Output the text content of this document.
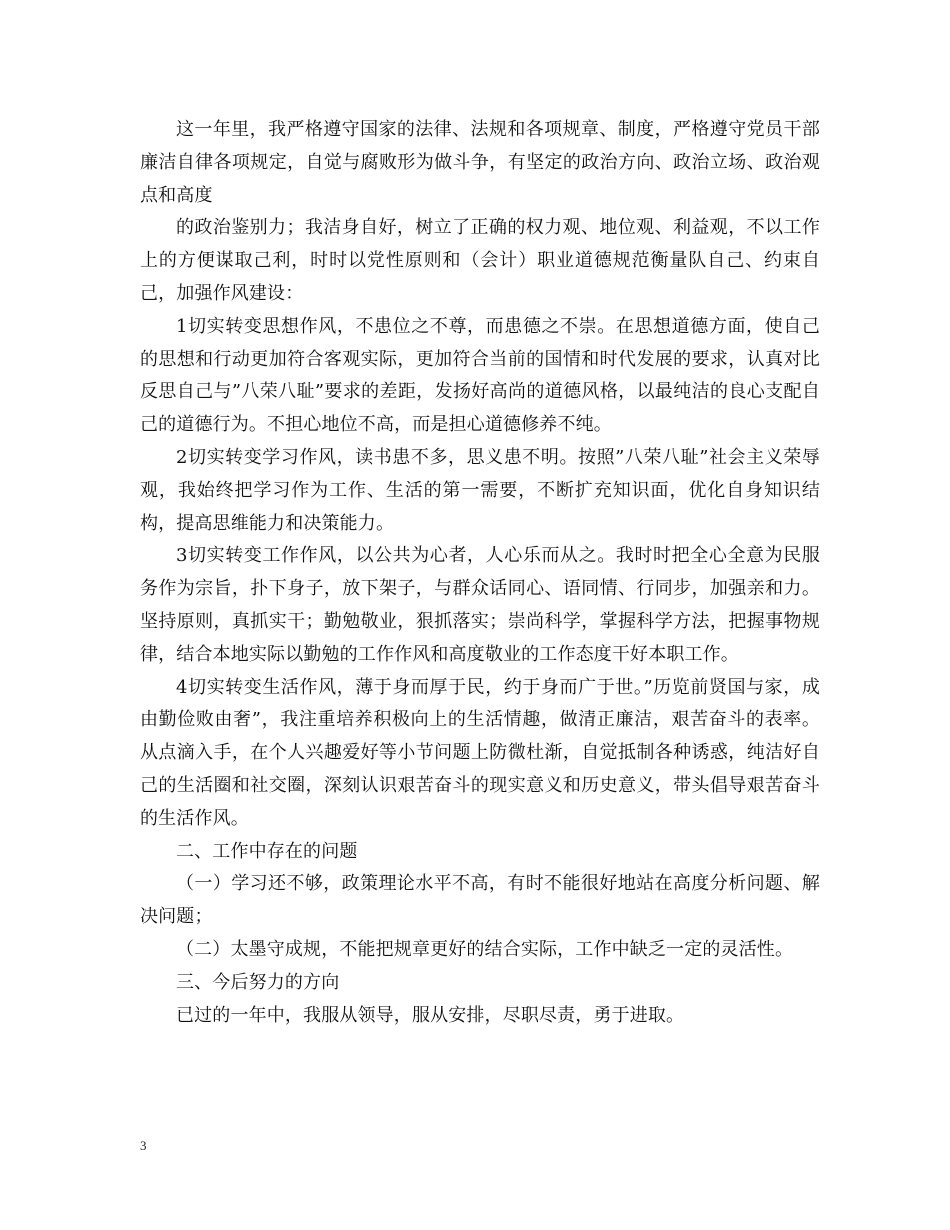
这一年里，我严格遵守国家的法律、法规和各项规章、制度，严格遵守党员干部廉洁自律各项规定，自觉与腐败形为做斗争，有坚定的政治方向、政治立场、政治观点和高度

的政治鉴别力；我洁身自好，树立了正确的权力观、地位观、利益观，不以工作上的方便谋取己利，时时以党性原则和（会计）职业道德规范衡量队自己、约束自己，加强作风建设：

1切实转变思想作风，不患位之不尊，而患德之不崇。在思想道德方面，使自己的思想和行动更加符合客观实际，更加符合当前的国情和时代发展的要求，认真对比反思自己与”八荣八耻”要求的差距，发扬好高尚的道德风格，以最纯洁的良心支配自己的道德行为。不担心地位不高，而是担心道德修养不纯。

2切实转变学习作风，读书患不多，思义患不明。按照”八荣八耻”社会主义荣辱观，我始终把学习作为工作、生活的第一需要，不断扩充知识面，优化自身知识结构，提高思维能力和决策能力。

3切实转变工作作风，以公共为心者，人心乐而从之。我时时把全心全意为民服务作为宗旨，扑下身子，放下架子，与群众话同心、语同情、行同步，加强亲和力。坚持原则，真抓实干；勤勉敬业，狠抓落实；崇尚科学，掌握科学方法，把握事物规律，结合本地实际以勤勉的工作作风和高度敬业的工作态度干好本职工作。

4切实转变生活作风，薄于身而厚于民，约于身而广于世。”历览前贤国与家，成由勤俭败由奢”，我注重培养积极向上的生活情趣，做清正廉洁，艰苦奋斗的表率。从点滴入手，在个人兴趣爱好等小节问题上防微杜渐，自觉抵制各种诱惑，纯洁好自己的生活圈和社交圈，深刻认识艰苦奋斗的现实意义和历史意义，带头倡导艰苦奋斗的生活作风。

二、工作中存在的问题

（一）学习还不够，政策理论水平不高，有时不能很好地站在高度分析问题、解决问题；

（二）太墨守成规，不能把规章更好的结合实际，工作中缺乏一定的灵活性。

三、今后努力的方向

已过的一年中，我服从领导，服从安排，尽职尽责，勇于进取。

3
